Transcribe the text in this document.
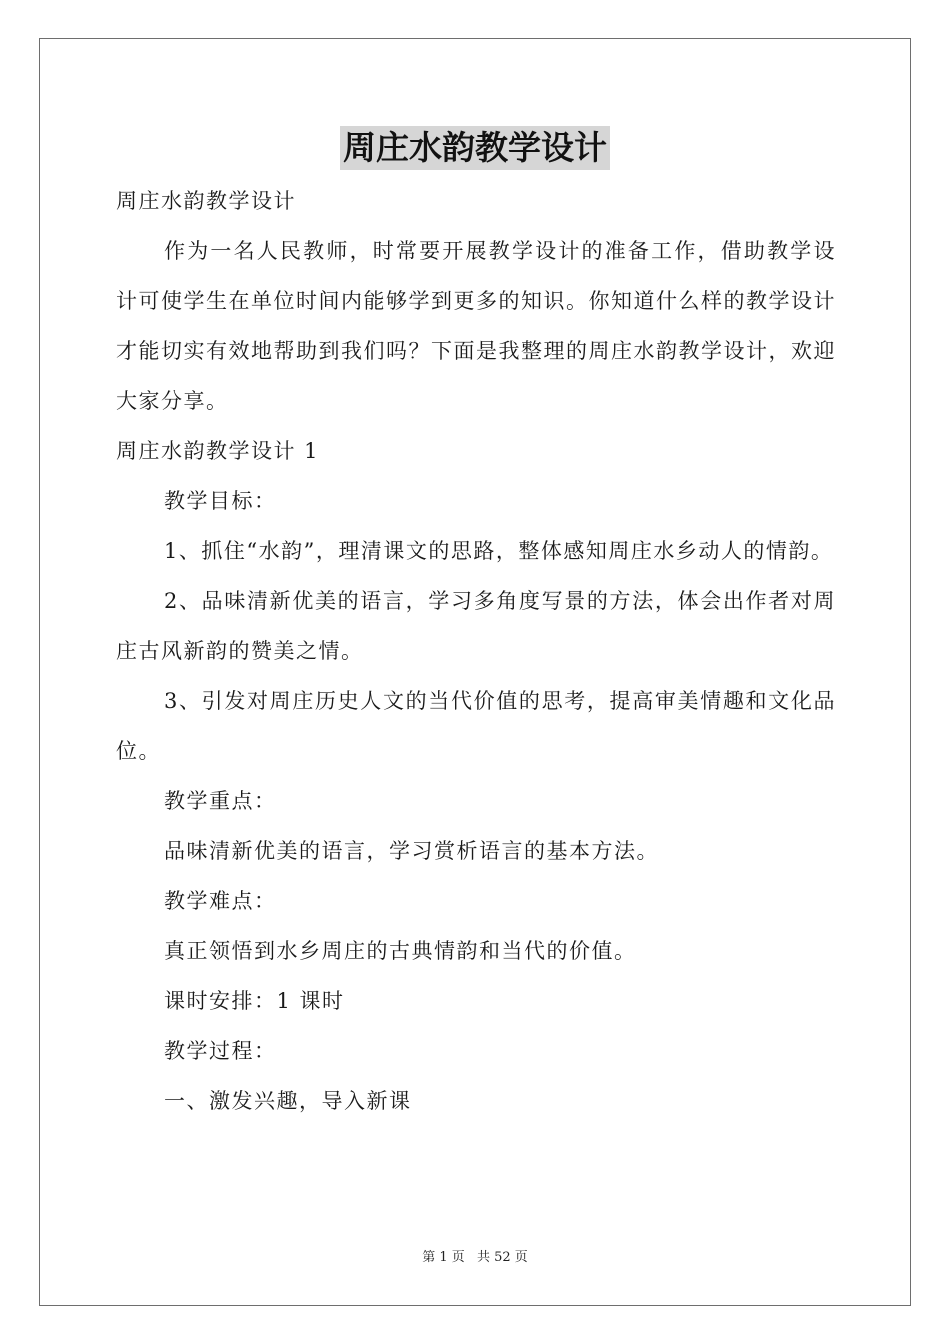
周庄水韵教学设计

周庄水韵教学设计

作为一名人民教师，时常要开展教学设计的准备工作，借助教学设计可使学生在单位时间内能够学到更多的知识。你知道什么样的教学设计才能切实有效地帮助到我们吗？下面是我整理的周庄水韵教学设计，欢迎大家分享。

周庄水韵教学设计 1

教学目标：

1、抓住“水韵”，理清课文的思路，整体感知周庄水乡动人的情韵。

2、品味清新优美的语言，学习多角度写景的方法，体会出作者对周庄古风新韵的赞美之情。

3、引发对周庄历史人文的当代价值的思考，提高审美情趣和文化品位。

教学重点：

品味清新优美的语言，学习赏析语言的基本方法。

教学难点：

真正领悟到水乡周庄的古典情韵和当代的价值。

课时安排：1 课时

教学过程：

一、激发兴趣，导入新课

第 1 页 共 52 页
